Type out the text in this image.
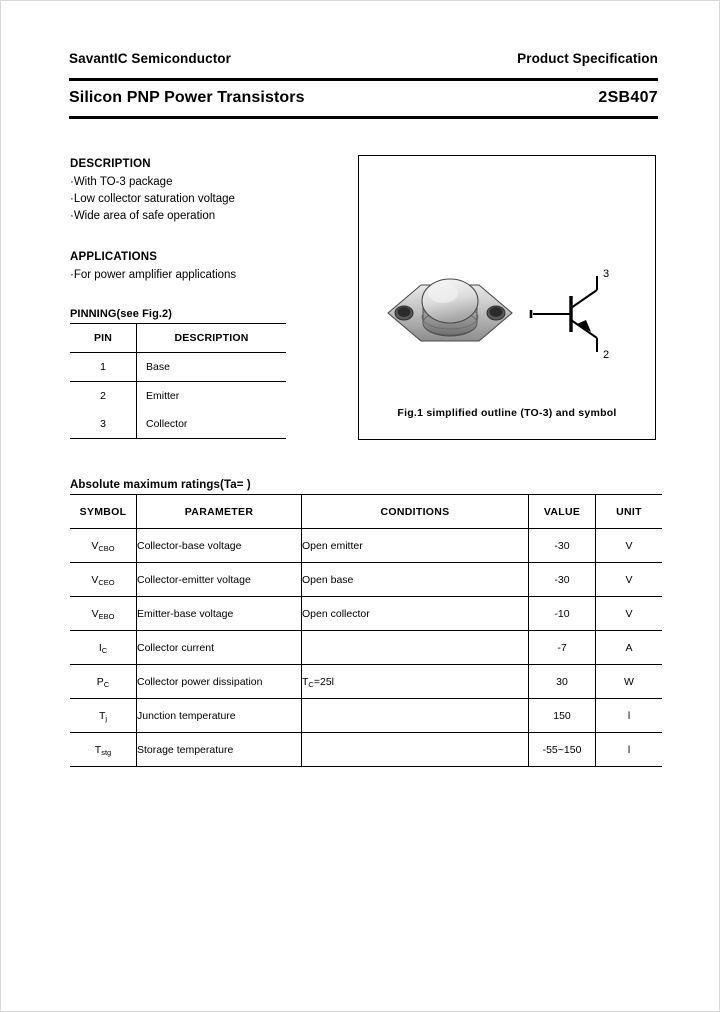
SavantIC Semiconductor	Product Specification
Silicon PNP Power Transistors	2SB407
DESCRIPTION
·With TO-3 package
·Low collector saturation voltage
·Wide area of safe operation
APPLICATIONS
·For power amplifier applications
PINNING(see Fig.2)
PIN	DESCRIPTION
1	Base
2	Emitter
3	Collector
3
2
Fig.1 simplified outline (TO-3) and symbol
Absolute maximum ratings(Ta= )
SYMBOL	PARAMETER	CONDITIONS	VALUE	UNIT
$V_{CBO}$	Collector-base voltage	Open emitter	-30	V
$V_{CEO}$	Collector-emitter voltage	Open base	-30	V
$V_{EBO}$	Emitter-base voltage	Open collector	-10	V
$I_C$	Collector current		-7	A
$P_C$	Collector power dissipation	$T_C=25l$	30	W
$T_j$	Junction temperature		150	l
$T_{stg}$	Storage temperature		-55~150	l
